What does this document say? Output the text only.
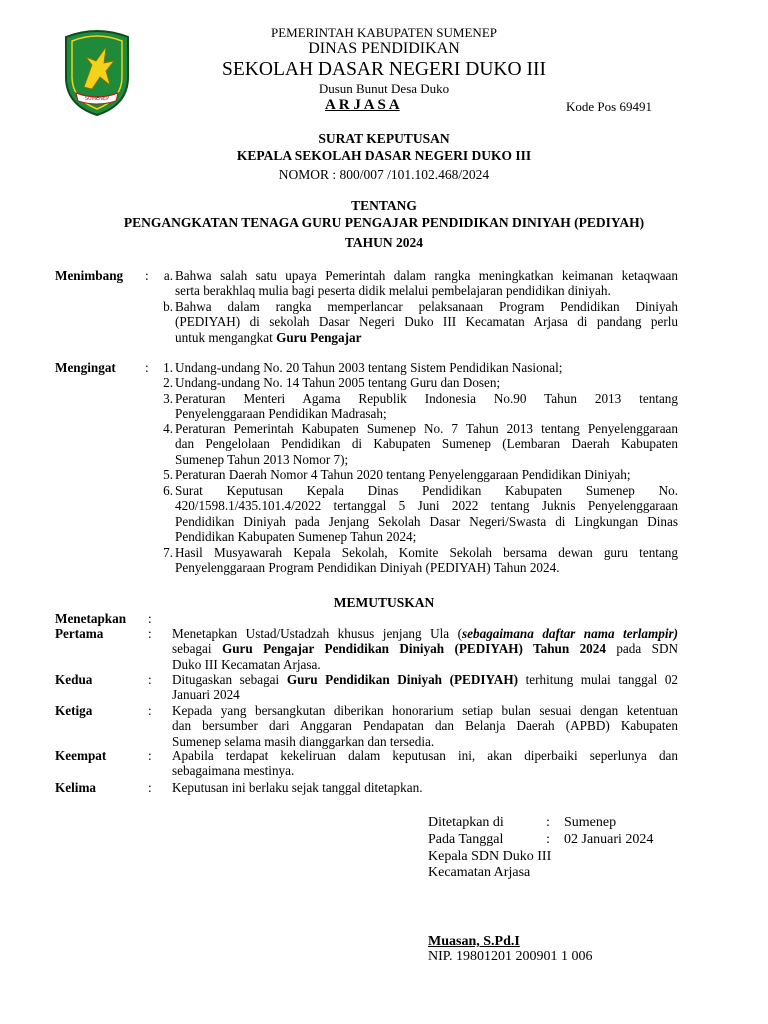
SUMENEP
PEMERINTAH KABUPATEN SUMENEP
DINAS PENDIDIKAN
SEKOLAH DASAR NEGERI DUKO III
Dusun Bunut Desa Duko
A R J A S A	Kode Pos 69491
SURAT KEPUTUSAN
KEPALA SEKOLAH DASAR NEGERI DUKO III
NOMOR : 800/007 /101.102.468/2024
TENTANG
PENGANGKATAN TENAGA GURU PENGAJAR PENDIDIKAN DINIYAH (PEDIYAH)
TAHUN 2024
Menimbang :	a. Bahwa salah satu upaya Pemerintah dalam rangka meningkatkan keimanan ketaqwaan
serta berakhlaq mulia bagi peserta didik melalui pembelajaran pendidikan diniyah.
b. Bahwa dalam rangka memperlancar pelaksanaan Program Pendidikan Diniyah
(PEDIYAH) di sekolah Dasar Negeri Duko III Kecamatan Arjasa di pandang perlu
untuk mengangkat Guru Pengajar
Mengingat :	1. Undang-undang No. 20 Tahun 2003 tentang Sistem Pendidikan Nasional;
2. Undang-undang No. 14 Tahun 2005 tentang Guru dan Dosen;
3. Peraturan Menteri Agama Republik Indonesia No.90 Tahun 2013 tentang
Penyelenggaraan Pendidikan Madrasah;
4. Peraturan Pemerintah Kabupaten Sumenep No. 7 Tahun 2013 tentang Penyelenggaraan
dan Pengelolaan Pendidikan di Kabupaten Sumenep (Lembaran Daerah Kabupaten
Sumenep Tahun 2013 Nomor 7);
5. Peraturan Daerah Nomor 4 Tahun 2020 tentang Penyelenggaraan Pendidikan Diniyah;
6. Surat Keputusan Kepala Dinas Pendidikan Kabupaten Sumenep No.
420/1598.1/435.101.4/2022 tertanggal 5 Juni 2022 tentang Juknis Penyelenggaraan
Pendidikan Diniyah pada Jenjang Sekolah Dasar Negeri/Swasta di Lingkungan Dinas
Pendidikan Kabupaten Sumenep Tahun 2024;
7. Hasil Musyawarah Kepala Sekolah, Komite Sekolah bersama dewan guru tentang
Penyelenggaraan Program Pendidikan Diniyah (PEDIYAH) Tahun 2024.
MEMUTUSKAN
Menetapkan :
Pertama	: Menetapkan Ustad/Ustadzah khusus jenjang Ula (sebagaimana daftar nama terlampir)
sebagai Guru Pengajar Pendidikan Diniyah (PEDIYAH) Tahun 2024 pada SDN
Duko III Kecamatan Arjasa.
Kedua	: Ditugaskan sebagai Guru Pendidikan Diniyah (PEDIYAH) terhitung mulai tanggal 02
Januari 2024
Ketiga	: Kepada yang bersangkutan diberikan honorarium setiap bulan sesuai dengan ketentuan
dan bersumber dari Anggaran Pendapatan dan Belanja Daerah (APBD) Kabupaten
Sumenep selama masih dianggarkan dan tersedia.
Keempat	: Apabila terdapat kekeliruan dalam keputusan ini, akan diperbaiki seperlunya dan
sebagaimana mestinya.
Kelima	: Keputusan ini berlaku sejak tanggal ditetapkan.
Ditetapkan di	: Sumenep
Pada Tanggal	: 02 Januari 2024
Kepala SDN Duko III
Kecamatan Arjasa
Muasan, S.Pd.I
NIP. 19801201 200901 1 006
